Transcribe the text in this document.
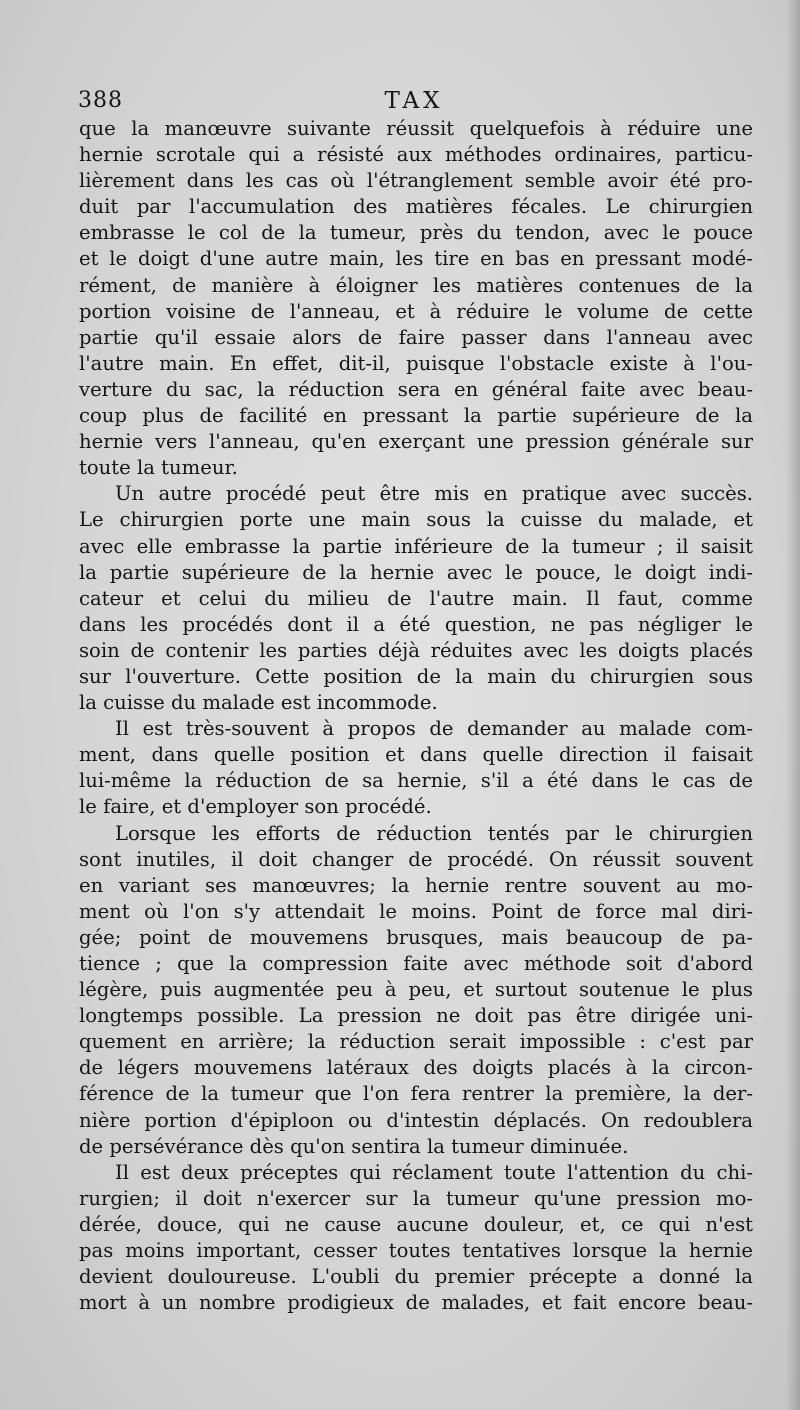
388	TAX
que la manœuvre suivante réussit quelquefois à réduire une
hernie scrotale qui a résisté aux méthodes ordinaires, particu-
lièrement dans les cas où l'étranglement semble avoir été pro-
duit par l'accumulation des matières fécales. Le chirurgien
embrasse le col de la tumeur, près du tendon, avec le pouce
et le doigt d'une autre main, les tire en bas en pressant modé-
rément, de manière à éloigner les matières contenues de la
portion voisine de l'anneau, et à réduire le volume de cette
partie qu'il essaie alors de faire passer dans l'anneau avec
l'autre main. En effet, dit-il, puisque l'obstacle existe à l'ou-
verture du sac, la réduction sera en général faite avec beau-
coup plus de facilité en pressant la partie supérieure de la
hernie vers l'anneau, qu'en exerçant une pression générale sur
toute la tumeur.
Un autre procédé peut être mis en pratique avec succès.
Le chirurgien porte une main sous la cuisse du malade, et
avec elle embrasse la partie inférieure de la tumeur ; il saisit
la partie supérieure de la hernie avec le pouce, le doigt indi-
cateur et celui du milieu de l'autre main. Il faut, comme
dans les procédés dont il a été question, ne pas négliger le
soin de contenir les parties déjà réduites avec les doigts placés
sur l'ouverture. Cette position de la main du chirurgien sous
la cuisse du malade est incommode.
Il est très-souvent à propos de demander au malade com-
ment, dans quelle position et dans quelle direction il faisait
lui-même la réduction de sa hernie, s'il a été dans le cas de
le faire, et d'employer son procédé.
Lorsque les efforts de réduction tentés par le chirurgien
sont inutiles, il doit changer de procédé. On réussit souvent
en variant ses manœuvres; la hernie rentre souvent au mo-
ment où l'on s'y attendait le moins. Point de force mal diri-
gée; point de mouvemens brusques, mais beaucoup de pa-
tience ; que la compression faite avec méthode soit d'abord
légère, puis augmentée peu à peu, et surtout soutenue le plus
longtemps possible. La pression ne doit pas être dirigée uni-
quement en arrière; la réduction serait impossible : c'est par
de légers mouvemens latéraux des doigts placés à la circon-
férence de la tumeur que l'on fera rentrer la première, la der-
nière portion d'épiploon ou d'intestin déplacés. On redoublera
de persévérance dès qu'on sentira la tumeur diminuée.
Il est deux préceptes qui réclament toute l'attention du chi-
rurgien; il doit n'exercer sur la tumeur qu'une pression mo-
dérée, douce, qui ne cause aucune douleur, et, ce qui n'est
pas moins important, cesser toutes tentatives lorsque la hernie
devient douloureuse. L'oubli du premier précepte a donné la
mort à un nombre prodigieux de malades, et fait encore beau-
